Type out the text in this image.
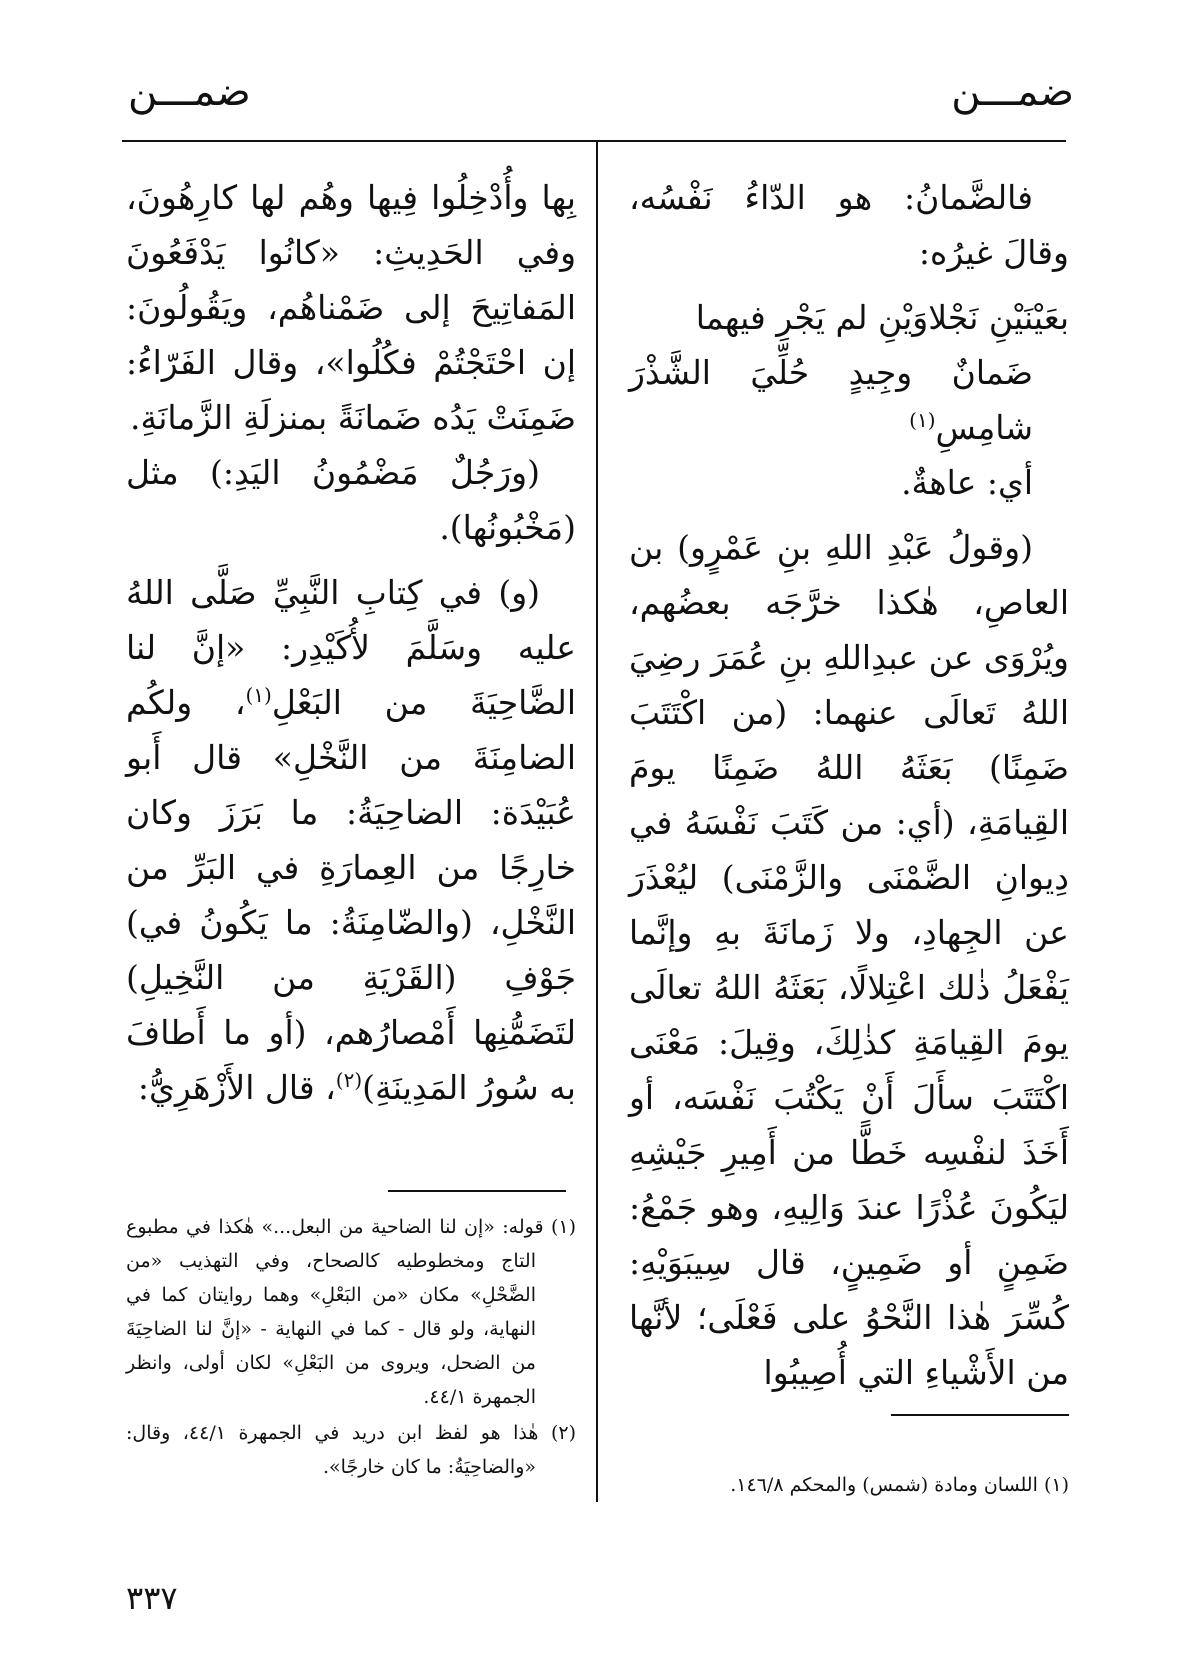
ضمـــن
ضمـــن

فالضَّمانُ: هو الدّاءُ نَفْسُه، وقالَ غيرُه:

بعَيْنَيْنِ نَجْلاوَيْنِ لم يَجْرِ فيهما

ضَمانٌ وجِيدٍ حُلِّيَ الشَّذْرَ شامِسِ$^{(١)}$

أي: عاهةٌ.

(وقولُ عَبْدِ اللهِ بنِ عَمْرٍو) بن العاصِ، هٰكذا خرَّجَه بعضُهم، ويُرْوَى عن عبدِاللهِ بنِ عُمَرَ رضِيَ اللهُ تَعالَى عنهما: (من اكْتَتَبَ ضَمِنًا) بَعَثَهُ اللهُ ضَمِنًا يومَ القِيامَةِ، (أي: من كَتَبَ نَفْسَهُ في دِيوانِ الضَّمْنَى والزَّمْنَى) ليُعْذَرَ عن الجِهادِ، ولا زَمانَةَ بهِ وإنَّما يَفْعَلُ ذٰلك اعْتِلالًا، بَعَثَهُ اللهُ تعالَى يومَ القِيامَةِ كذٰلِكَ، وقِيلَ: مَعْنَى اكْتَتَبَ سأَلَ أَنْ يَكْتُبَ نَفْسَه، أو أَخَذَ لنفْسِه خَطًّا من أَمِيرِ جَيْشِهِ ليَكُونَ عُذْرًا عندَ وَالِيهِ، وهو جَمْعُ: ضَمِنٍ أو ضَمِينٍ، قال سِيبَوَيْهِ: كُسِّرَ هٰذا النَّحْوُ على فَعْلَى؛ لأنَّها من الأَشْياءِ التي أُصِيبُوا

بِها وأُدْخِلُوا فِيها وهُم لها كارِهُونَ، وفي الحَدِيثِ: «كانُوا يَدْفَعُونَ المَفاتِيحَ إلى ضَمْناهُم، ويَقُولُونَ: إن احْتَجْتُمْ فكُلُوا»، وقال الفَرّاءُ: ضَمِنَتْ يَدُه ضَمانَةً بمنزلَةِ الزَّمانَةِ.

(ورَجُلٌ مَضْمُونُ اليَدِ:) مثل (مَخْبُونُها).

(و) في كِتابِ النَّبِيِّ صَلَّى اللهُ عليه وسَلَّمَ لأُكَيْدِر: «إنَّ لنا الضَّاحِيَةَ من البَعْلِ$^{(١)}$، ولكُم الضامِنَةَ من النَّخْلِ» قال أَبو عُبَيْدَة: الضاحِيَةُ: ما بَرَزَ وكان خارِجًا من العِمارَةِ في البَرِّ من النَّخْلِ، (والضّامِنَةُ: ما يَكُونُ في) جَوْفِ (القَرْيَةِ من النَّخِيلِ) لتَضَمُّنِها أَمْصارُهم، (أو ما أَطافَ به سُورُ المَدِينَةِ)$^{(٢)}$، قال الأَزْهَرِيُّ:

(١) اللسان ومادة (شمس) والمحكم ١٤٦/٨.

(١) قوله: «إن لنا الضاحية من البعل...» هٰكذا في مطبوع التاج ومخطوطيه كالصحاح، وفي التهذيب «من الضَّحْلِ» مكان «من البَعْلِ» وهما روايتان كما في النهاية، ولو قال - كما في النهاية - «إنَّ لنا الضاحِيَةَ من الضحل، ويروى من البَعْلِ» لكان أولى، وانظر الجمهرة ٤٤/١.

(٢) هٰذا هو لفظ ابن دريد في الجمهرة ٤٤/١، وقال: «والضاحِيَةُ: ما كان خارجًا».

٣٣٧
